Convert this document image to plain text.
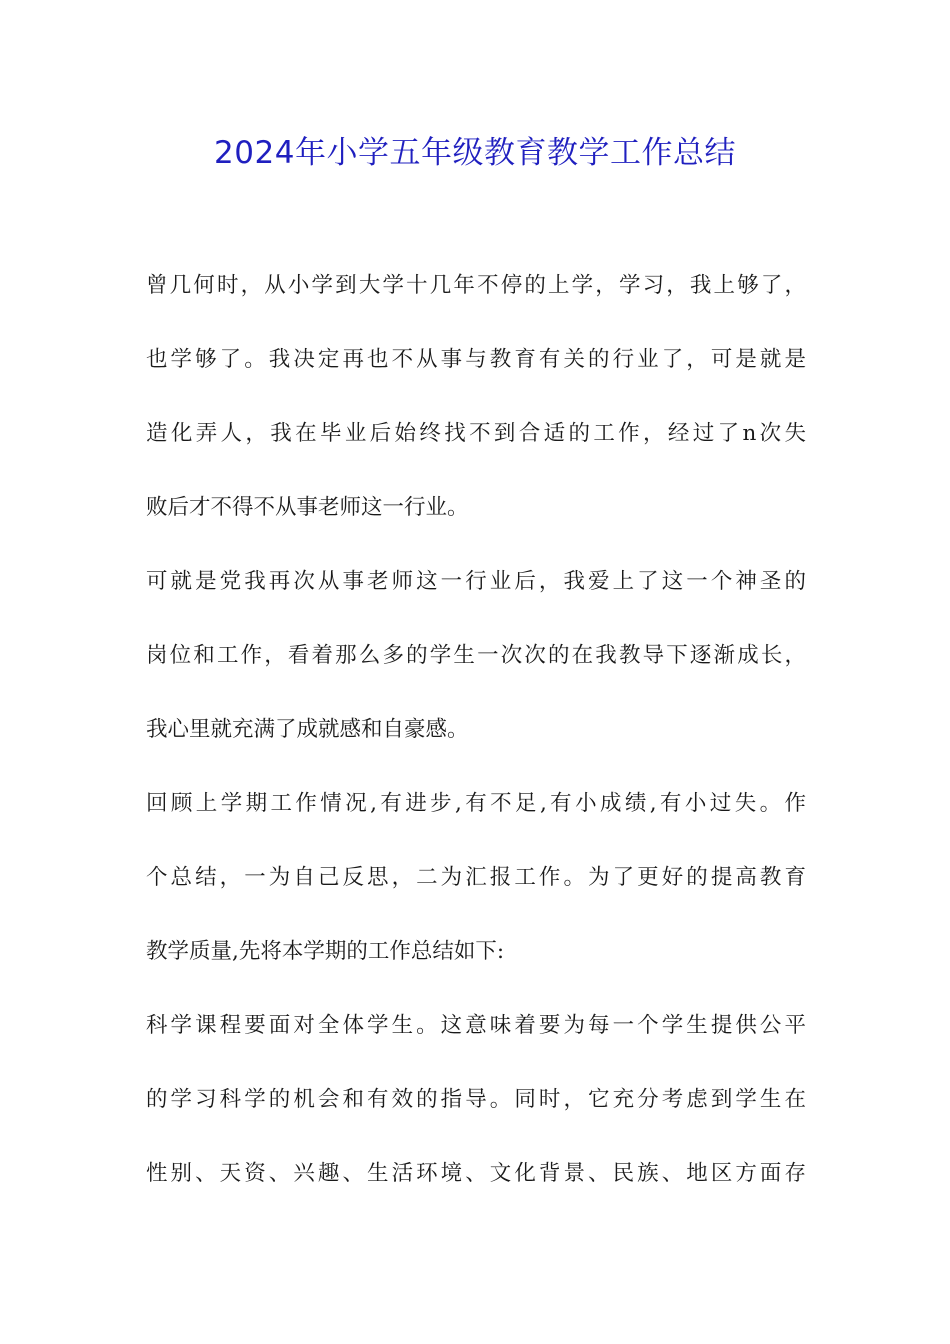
2024年小学五年级教育教学工作总结
曾几何时，从小学到大学十几年不停的上学，学习，我上够了，
也学够了。我决定再也不从事与教育有关的行业了，可是就是
造化弄人，我在毕业后始终找不到合适的工作，经过了n次失
败后才不得不从事老师这一行业。
可就是党我再次从事老师这一行业后，我爱上了这一个神圣的
岗位和工作，看着那么多的学生一次次的在我教导下逐渐成长，
我心里就充满了成就感和自豪感。
回顾上学期工作情况,有进步,有不足,有小成绩,有小过失。作
个总结，一为自己反思，二为汇报工作。为了更好的提高教育
教学质量,先将本学期的工作总结如下:
科学课程要面对全体学生。这意味着要为每一个学生提供公平
的学习科学的机会和有效的指导。同时，它充分考虑到学生在
性别、天资、兴趣、生活环境、文化背景、民族、地区方面存
